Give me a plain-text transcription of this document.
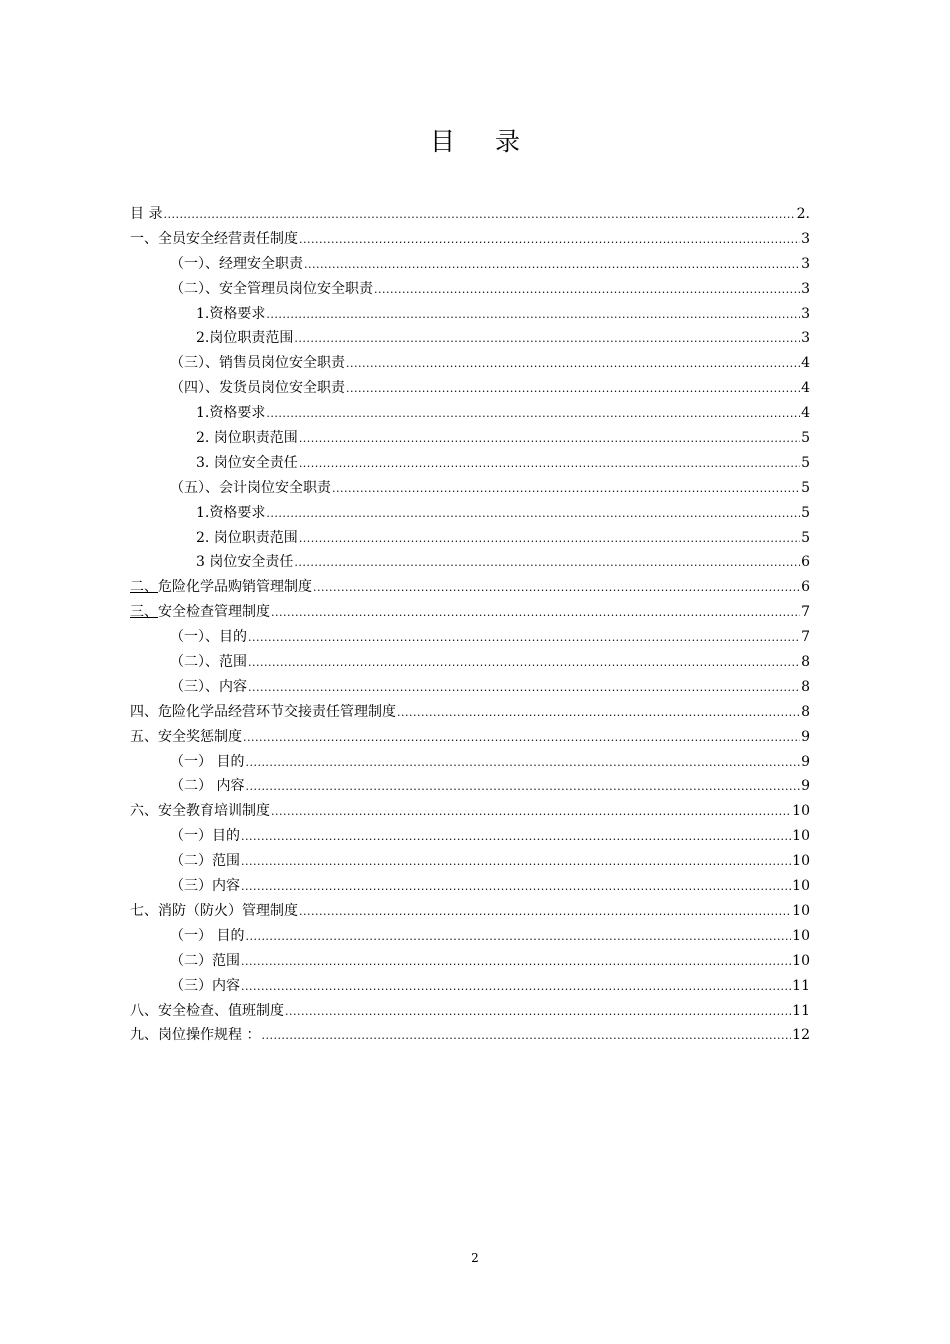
目 录
目 录 .....	2.
一、全员安全经营责任制度 .....	3
（一）、经理安全职责 .....	3
（二）、安全管理员岗位安全职责 .....	3
1.资格要求 .....	3
2.岗位职责范围 .....	3
（三）、销售员岗位安全职责 .....	4
（四）、发货员岗位安全职责 .....	4
1.资格要求 .....	4
2. 岗位职责范围 .....	5
3. 岗位安全责任 .....	5
（五）、会计岗位安全职责 .....	5
1.资格要求 .....	5
2. 岗位职责范围 .....	5
3 岗位安全责任 .....	6
二、危险化学品购销管理制度 .....	6
三、安全检查管理制度 .....	7
（一）、目的 .....	7
（二）、范围 .....	8
（三）、内容 .....	8
四、危险化学品经营环节交接责任管理制度 .....	8
五、安全奖惩制度 .....	9
（一） 目的 .....	9
（二） 内容 .....	9
六、安全教育培训制度 .....	10
（一）目的 .....	10
（二）范围 .....	10
（三）内容 .....	10
七、消防（防火）管理制度 .....	10
（一） 目的 .....	10
（二）范围 .....	10
（三）内容 .....	11
八、安全检查、值班制度 .....	11
九、岗位操作规程 ： .....	12
2
